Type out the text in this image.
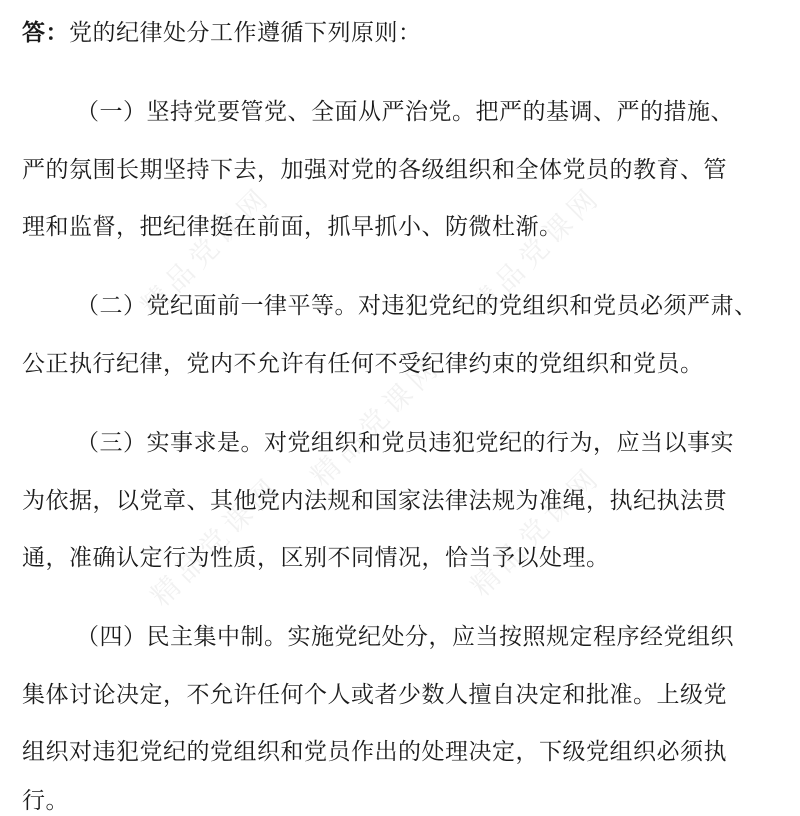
精品党课网	精品党课网
精品党课网
精品党课网
精品党课网
答：党的纪律处分工作遵循下列原则：
（一）坚持党要管党、全面从严治党。把严的基调、严的措施、
严的氛围长期坚持下去，加强对党的各级组织和全体党员的教育、管
理和监督，把纪律挺在前面，抓早抓小、防微杜渐。
（二）党纪面前一律平等。对违犯党纪的党组织和党员必须严肃、
公正执行纪律，党内不允许有任何不受纪律约束的党组织和党员。
（三）实事求是。对党组织和党员违犯党纪的行为，应当以事实
为依据，以党章、其他党内法规和国家法律法规为准绳，执纪执法贯
通，准确认定行为性质，区别不同情况，恰当予以处理。
（四）民主集中制。实施党纪处分，应当按照规定程序经党组织
集体讨论决定，不允许任何个人或者少数人擅自决定和批准。上级党
组织对违犯党纪的党组织和党员作出的处理决定，下级党组织必须执
行。
